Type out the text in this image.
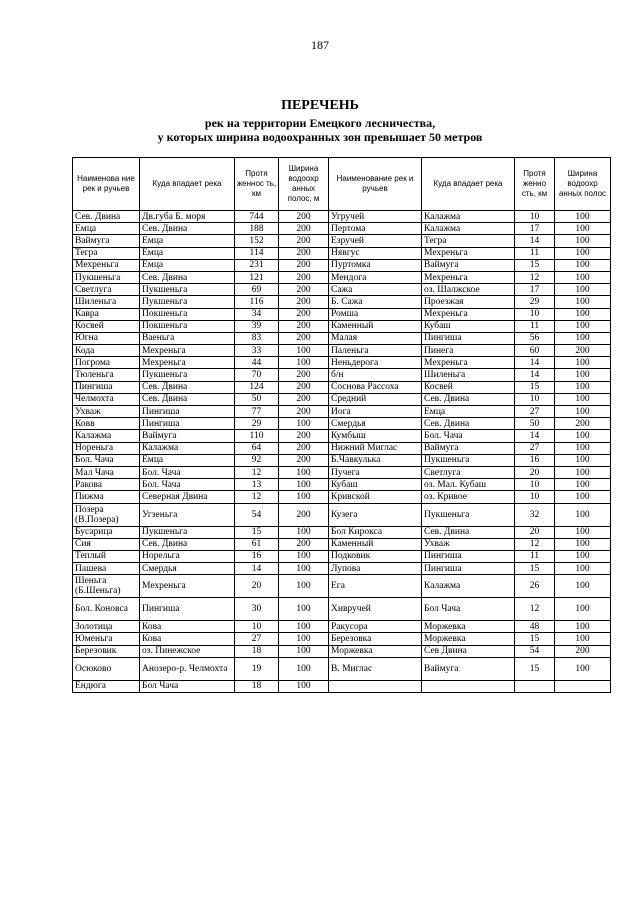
187
ПЕРЕЧЕНЬ
рек на территории Емецкого лесничества,
у которых ширина водоохранных зон превышает 50 метров
Наименова ние рек и ручьев	Куда впадает река	Протя женнос ть, км	Ширина водоохр анных полос, м	Наименование рек и ручьев	Куда впадает река	Протя женно сть, км	Ширина водоохр анных полос
Сев. Двина	Дв.губа Б. моря	744	200	Угручей	Калажма	10	100
Емца	Сев. Двина	188	200	Пертома	Калажма	17	100
Ваймуга	Емца	152	200	Езручей	Тегра	14	100
Тегра	Емца	114	200	Нявгус	Мехреньга	11	100
Мехреньга	Емца	231	200	Пуртомка	Ваймуга	15	100
Пукшеньга	Сев. Двина	121	200	Мендога	Мехреньга	12	100
Светлуга	Пукшеньга	69	200	Сажа	оз. Шалжское	17	100
Шиленьга	Пукшеньга	116	200	Б. Сажа	Проезжая	29	100
Кавра	Покшеньга	34	200	Ромша	Мехреньга	10	100
Косвей	Покшеньга	39	200	Каменный	Кубаш	11	100
Югна	Ваеньга	83	200	Малая	Пингиша	56	100
Кода	Мехреньга	33	100	Паленьга	Пинега	60	200
Погрома	Мехреньга	44	100	Неньдерога	Мехреньга	14	100
Тюленьга	Пукшеньга	70	200	б/н	Шиленьга	14	100
Пингиша	Сев. Двина	124	200	Соснова Рассоха	Косвей	15	100
Челмохта	Сев. Двина	50	200	Средний	Сев. Двина	10	100
Ухваж	Пингиша	77	200	Иога	Емца	27	100
Ковв	Пингиша	29	100	Смердья	Сев. Двина	50	200
Калажма	Ваймуга	110	200	Кумбыш	Бол. Чача	14	100
Нореньга	Калажма	64	200	Нижний Миглас	Ваймуга	27	100
Бол. Чача	Емца	92	200	Б.Чавкулька	Пукшеньга	16	100
Мал Чача	Бол. Чача	12	100	Пучега	Светлуга	20	100
Ракова	Бол. Чача	13	100	Кубаш	оз. Мал. Кубаш	10	100
Пижма	Северная Двина	12	100	Кривской	оз. Кривое	10	100
Позера (В.Позера)	Угзеньга	54	200	Кузега	Пукшеньга	32	100
Бусарица	Пукшеньга	15	100	Бол Кирокса	Сев. Двина	20	100
Сия	Сев. Двина	61	200	Каменный	Ухваж	12	100
Теплый	Норельга	16	100	Подковик	Пингиша	11	100
Пашева	Смердья	14	100	Лупова	Пингиша	15	100
Шеньга (Б.Шеньга)	Мехреньга	20	100	Ега	Калажма	26	100
Бол. Коновса	Пингиша	30	100	Хивручей	Бол Чача	12	100
Золотица	Кова	10	100	Ракусора	Моржевка	48	100
Юменьга	Кова	27	100	Березовка	Моржевка	15	100
Березовик	оз. Пинежское	18	100	Моржевка	Сев Двина	54	200
Осюково	Анозеро-р. Челмохта	19	100	В. Миглас	Ваймуга	15	100
Ендюга	Бол Чача	18	100				
